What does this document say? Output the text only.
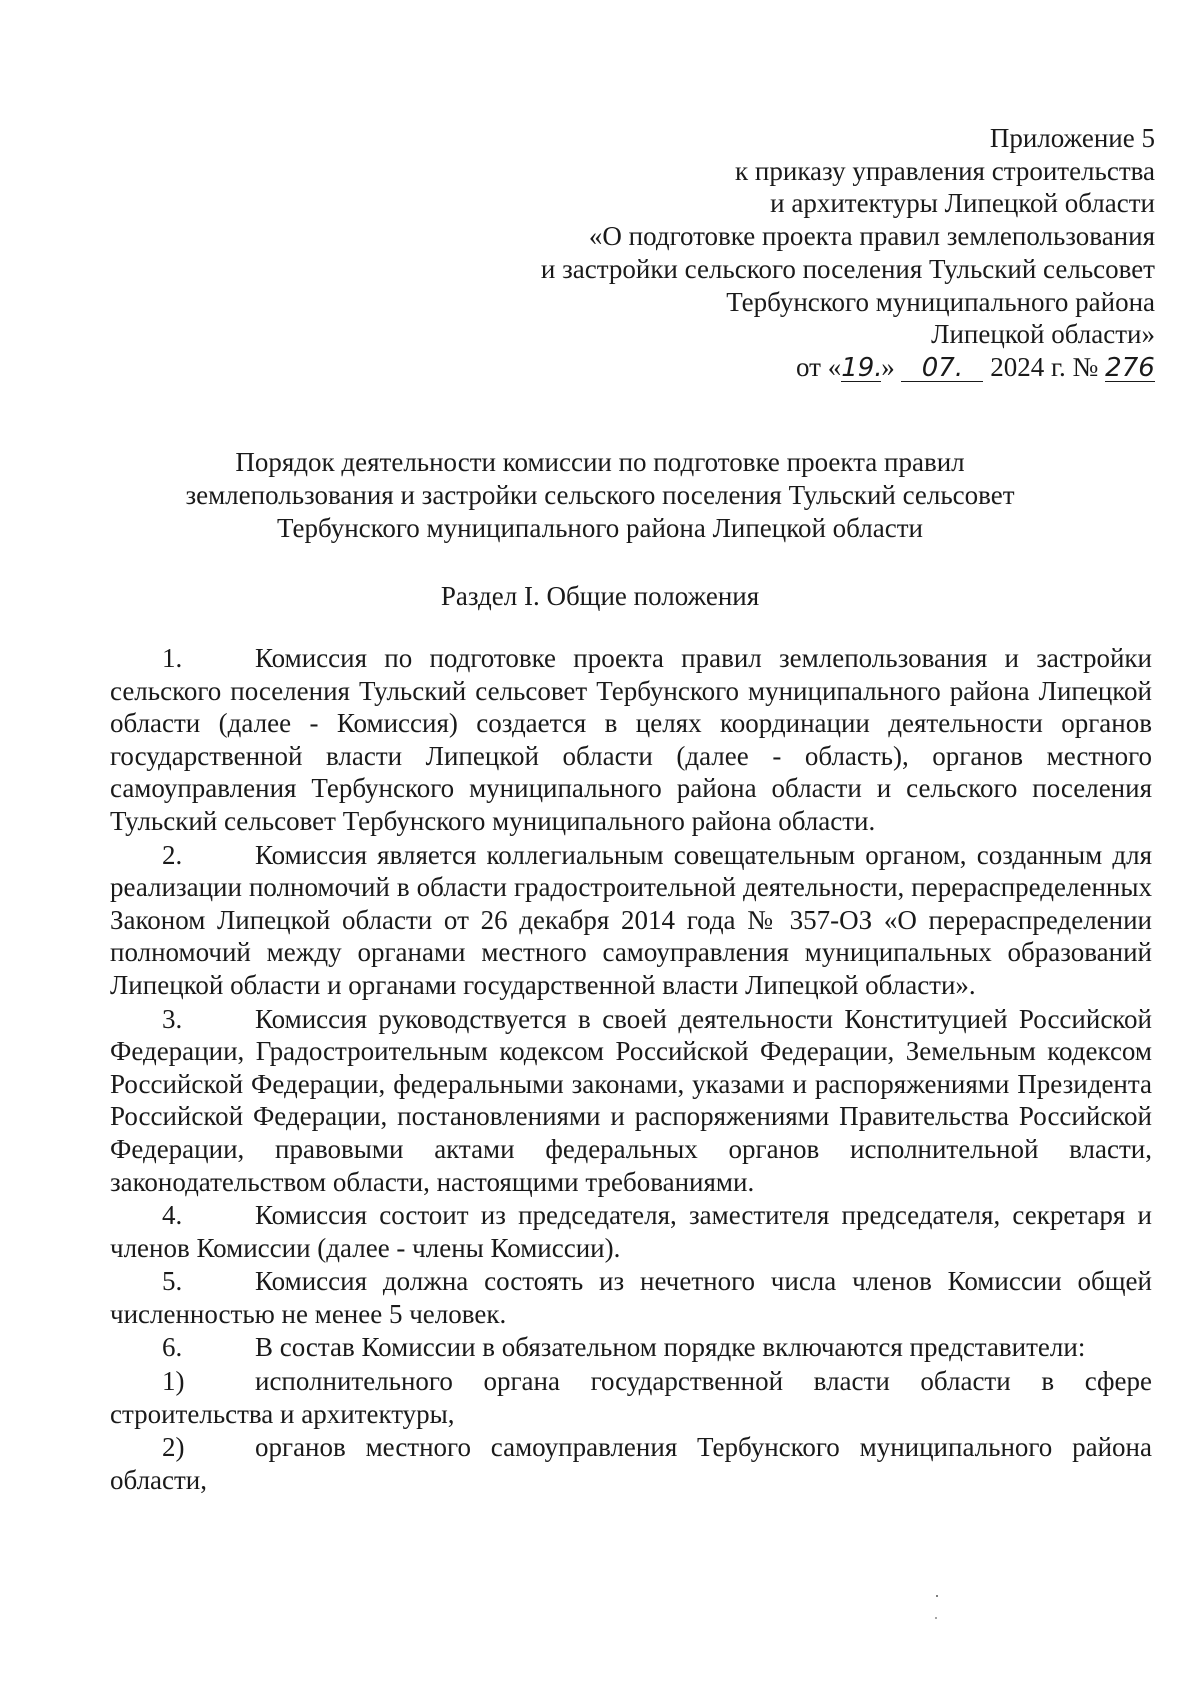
Приложение 5
к приказу управления строительства
и архитектуры Липецкой области
«О подготовке проекта правил землепользования
и застройки сельского поселения Тульский сельсовет
Тербунского муниципального района
Липецкой области»
от «19.» 07. 2024 г. № 276
Порядок деятельности комиссии по подготовке проекта правил
землепользования и застройки сельского поселения Тульский сельсовет
Тербунского муниципального района Липецкой области
Раздел I. Общие положения

1.	Комиссия по подготовке проекта правил землепользования и застройки сельского поселения Тульский сельсовет Тербунского муниципального района Липецкой области (далее - Комиссия) создается в целях координации деятельности органов государственной власти Липецкой области (далее - область), органов местного самоуправления Тербунского муниципального района области и сельского поселения Тульский сельсовет Тербунского муниципального района области.

2.	Комиссия является коллегиальным совещательным органом, созданным для реализации полномочий в области градостроительной деятельности, перераспределенных Законом Липецкой области от 26 декабря 2014 года № 357-ОЗ «О перераспределении полномочий между органами местного самоуправления муниципальных образований Липецкой области и органами государственной власти Липецкой области».

3.	Комиссия руководствуется в своей деятельности Конституцией Российской Федерации, Градостроительным кодексом Российской Федерации, Земельным кодексом Российской Федерации, федеральными законами, указами и распоряжениями Президента Российской Федерации, постановлениями и распоряжениями Правительства Российской Федерации, правовыми актами федеральных органов исполнительной власти, законодательством области, настоящими требованиями.

4.	Комиссия состоит из председателя, заместителя председателя, секретаря и членов Комиссии (далее - члены Комиссии).

5.	Комиссия должна состоять из нечетного числа членов Комиссии общей численностью не менее 5 человек.

6.	В состав Комиссии в обязательном порядке включаются представители:

1)	исполнительного органа государственной власти области в сфере строительства и архитектуры,

2)	органов местного самоуправления Тербунского муниципального района области,
